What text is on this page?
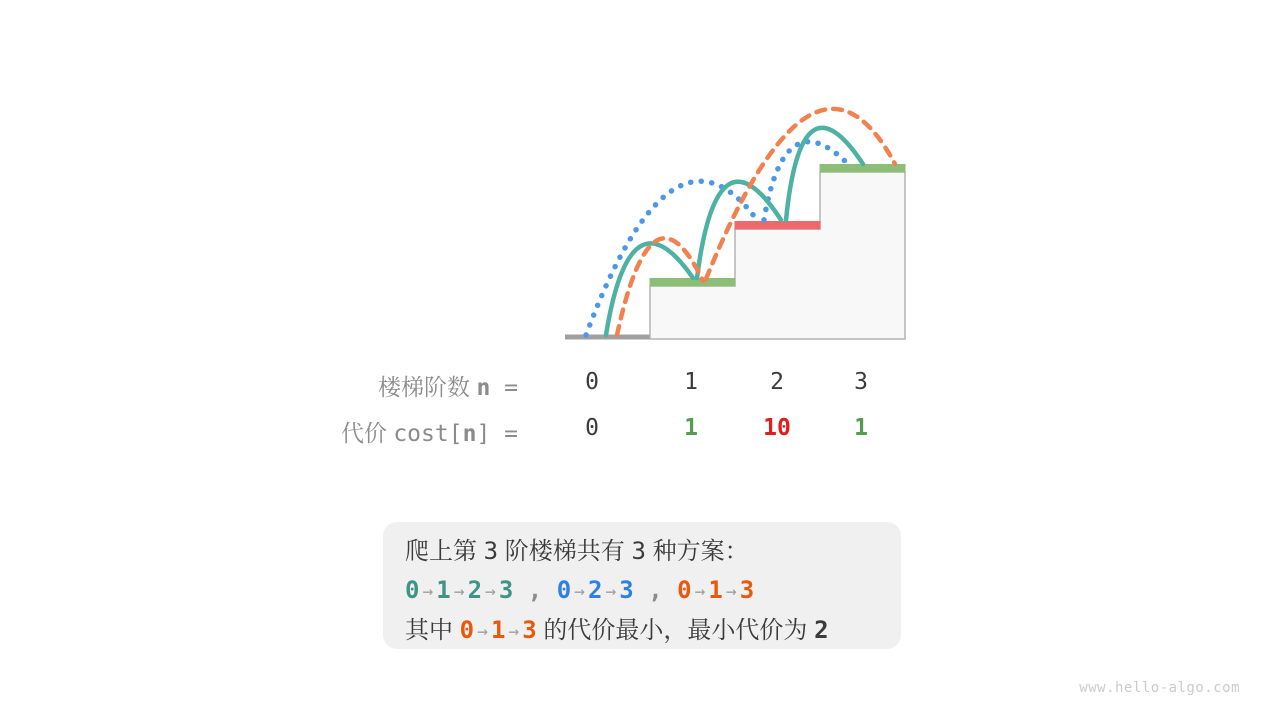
楼梯阶数 n =	0	1	2	3
代价 cost[n] =	0	1	10	1
爬上第 3 阶楼梯共有 3 种方案：
0 → 1 → 2 → 3 , 0 → 2 → 3 , 0 → 1 → 3
其中 0 → 1 → 3 的代价最小，最小代价为 2
www.hello-algo.com
